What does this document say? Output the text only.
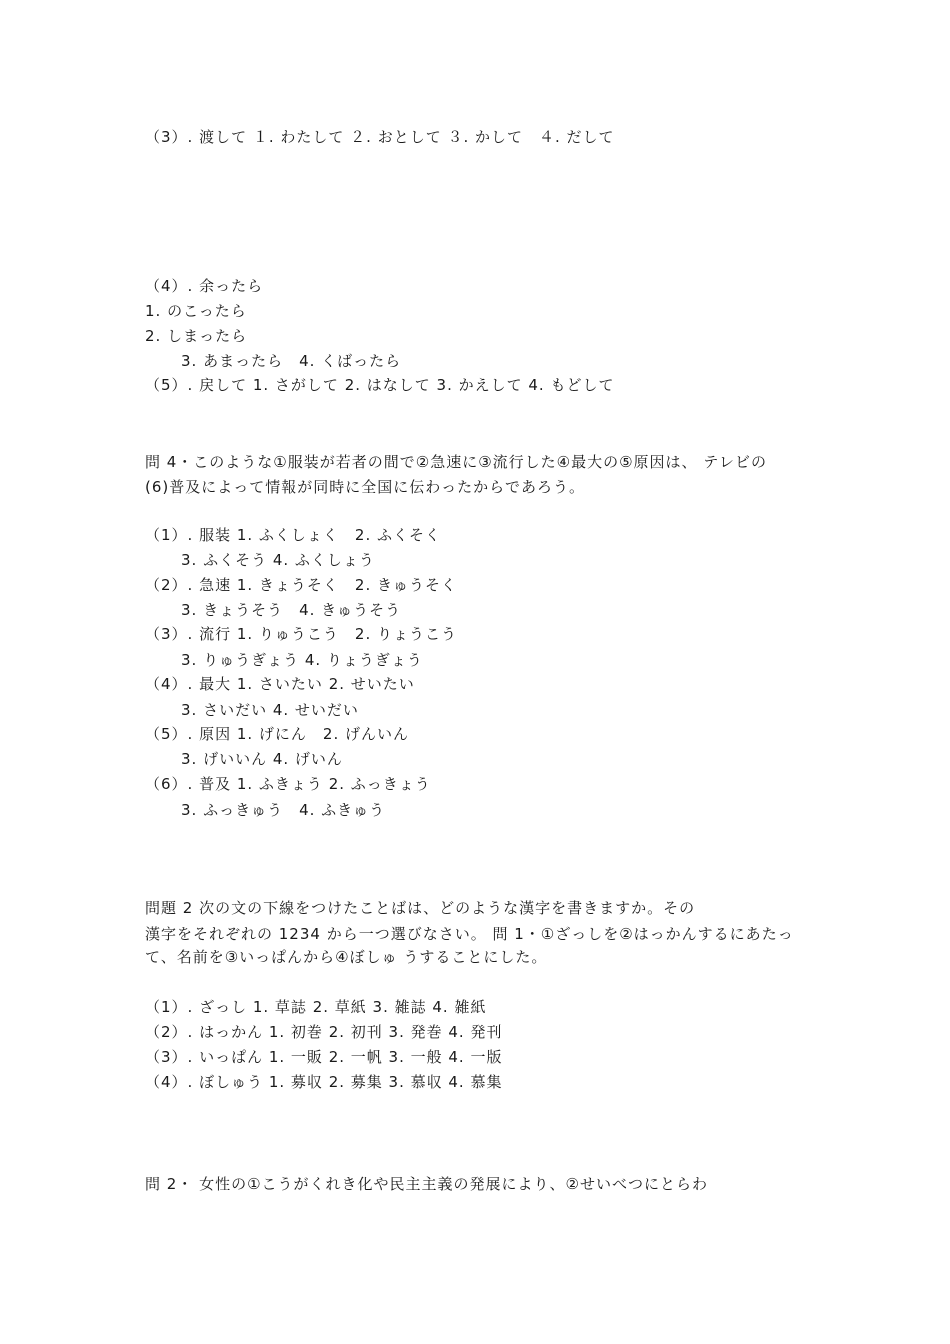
（3）. 渡して １. わたして ２. おとして ３. かして　４. だして
（4）. 余ったら
1. のこったら
2. しまったら
3. あまったら　4. くばったら
（5）. 戻して 1. さがして 2. はなして 3. かえして 4. もどして
問 4・このような①服装が若者の間で②急速に③流行した④最大の⑤原因は、 テレビの
(6)普及によって情報が同時に全国に伝わったからであろう。
（1）. 服装 1. ふくしょく　2. ふくそく
3. ふくそう 4. ふくしょう
（2）. 急速 1. きょうそく　2. きゅうそく
3. きょうそう　4. きゅうそう
（3）. 流行 1. りゅうこう　2. りょうこう
3. りゅうぎょう 4. りょうぎょう
（4）. 最大 1. さいたい 2. せいたい
3. さいだい 4. せいだい
（5）. 原因 1. げにん　2. げんいん
3. げいいん 4. げいん
（6）. 普及 1. ふきょう 2. ふっきょう
3. ふっきゅう　4. ふきゅう
問題 2 次の文の下線をつけたことばは、どのような漢字を書きますか。その
漢字をそれぞれの 1234 から一つ選びなさい。 問 1・①ざっしを②はっかんするにあたっ
て、名前を③いっぱんから④ぼしゅ うすることにした。
（1）. ざっし 1. 草誌 2. 草紙 3. 雑誌 4. 雑紙
（2）. はっかん 1. 初巻 2. 初刊 3. 発巻 4. 発刊
（3）. いっぱん 1. 一販 2. 一帆 3. 一般 4. 一版
（4）. ぼしゅう 1. 募収 2. 募集 3. 慕収 4. 慕集
問 2・ 女性の①こうがくれき化や民主主義の発展により、②せいべつにとらわ
